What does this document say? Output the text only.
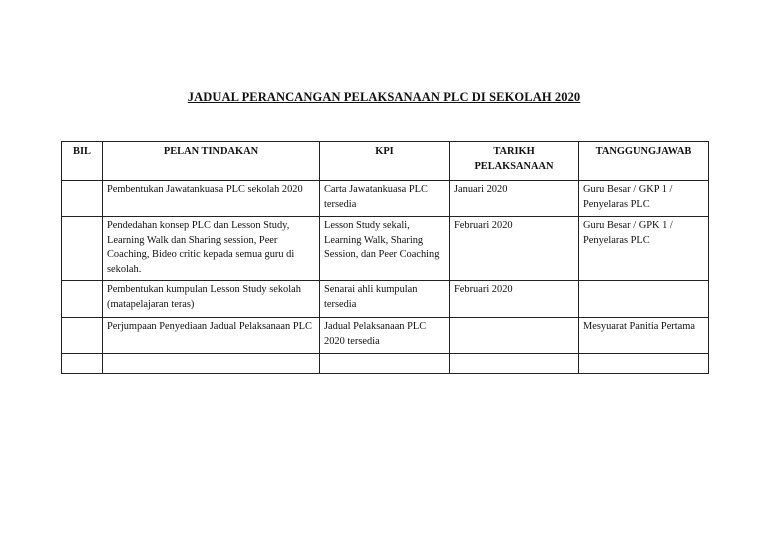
JADUAL PERANCANGAN PELAKSANAAN PLC DI SEKOLAH 2020
BIL	PELAN TINDAKAN	KPI	TARIKH PELAKSANAAN	TANGGUNGJAWAB
	Pembentukan Jawatankuasa PLC sekolah 2020	Carta Jawatankuasa PLC tersedia	Januari 2020	Guru Besar / GKP 1 / Penyelaras PLC
	Pendedahan konsep PLC dan Lesson Study, Learning Walk dan Sharing session, Peer Coaching, Bideo critic kepada semua guru di sekolah.	Lesson Study sekali, Learning Walk, Sharing Session, dan Peer Coaching	Februari 2020	Guru Besar / GPK 1 / Penyelaras PLC
	Pembentukan kumpulan Lesson Study sekolah (matapelajaran teras)	Senarai ahli kumpulan tersedia	Februari 2020	
	Perjumpaan Penyediaan Jadual Pelaksanaan PLC	Jadual Pelaksanaan PLC 2020 tersedia		Mesyuarat Panitia Pertama
